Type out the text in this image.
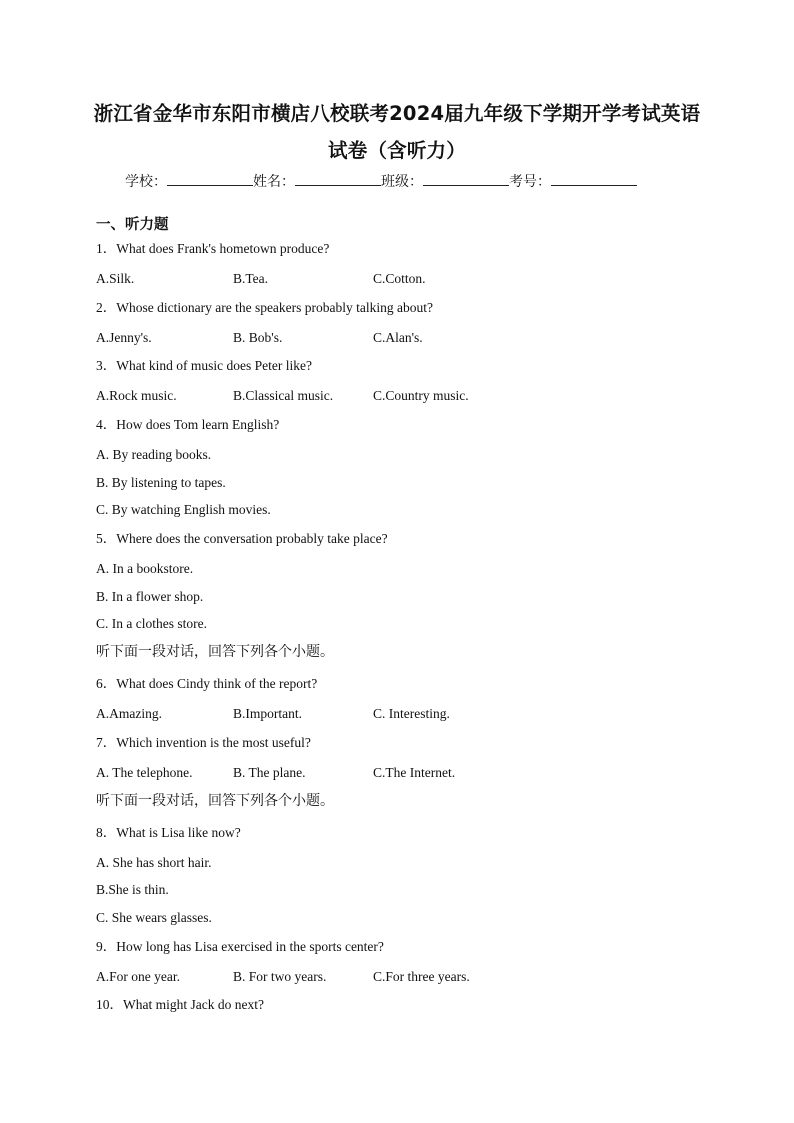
浙江省金华市东阳市横店八校联考2024届九年级下学期开学考试英语
试卷（含听力）
学校：	姓名：	班级：	考号：
一、听力题
1．What does Frank's hometown produce?
A.Silk.	B.Tea.	C.Cotton.
2．Whose dictionary are the speakers probably talking about?
A.Jenny's.	B. Bob's.	C.Alan's.
3．What kind of music does Peter like?
A.Rock music.	B.Classical music.	C.Country music.
4．How does Tom learn English?
A. By reading books.
B. By listening to tapes.
C. By watching English movies.
5．Where does the conversation probably take place?
A. In a bookstore.
B. In a flower shop.
C. In a clothes store.
听下面一段对话，回答下列各个小题。
6．What does Cindy think of the report?
A.Amazing.	B.Important.	C. Interesting.
7．Which invention is the most useful?
A. The telephone.	B. The plane.	C.The Internet.
听下面一段对话，回答下列各个小题。
8．What is Lisa like now?
A. She has short hair.
B.She is thin.
C. She wears glasses.
9．How long has Lisa exercised in the sports center?
A.For one year.	B. For two years.	C.For three years.
10．What might Jack do next?
